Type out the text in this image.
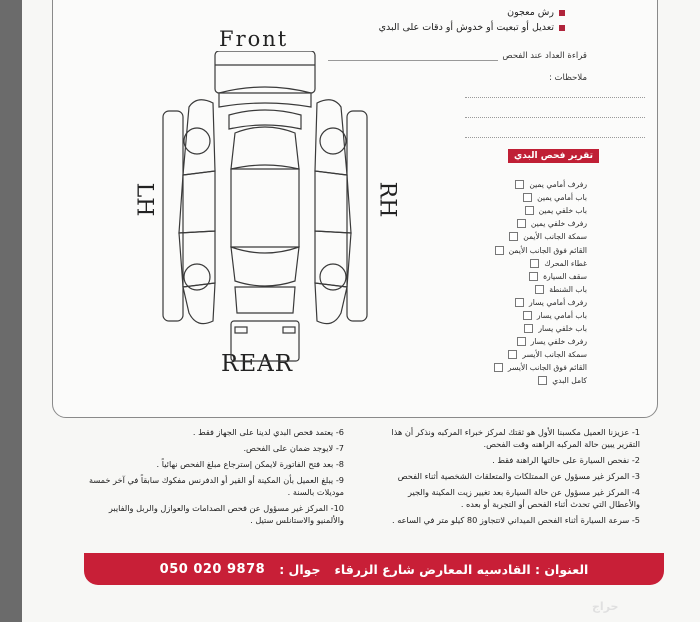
رش معجون
تعديل أو تبعيت أو خدوش أو دقات على البدي
قراءة العداد عند الفحص
ملاحظات :
تقرير فحص البدي
رفرف أمامي يمين
باب أمامي يمين
باب خلفي يمين
رفرف خلفي يمين
سمكة الجانب الأيمن
القائم فوق الجانب الأيمن
غطاء المحرك
سقف السيارة
باب الشنطة
رفرف أمامي يسار
باب أمامي يسار
باب خلفي يسار
رفرف خلفي يسار
سمكة الجانب الأيسر
القائم فوق الجانب الأيسر
كامل البدي
Front
REAR
LH	RH

1- عزيزنا العميل مكسبنا الأول هو ثقتك لمركز خبراء المركبه ونذكر أن هذا التقرير يبين حالة المركبه الراهنه وقت الفحص.

2- نفحص السيارة على حالتها الراهنة فقط .

3- المركز غير مسؤول عن الممتلكات والمتعلقات الشخصية أثناء الفحص

4- المركز غير مسؤول عن حالة السيارة بعد تغيير زيت المكينة والجير والأعطال التي تحدث أثناء الفحص أو التجربة أو بعده .

5- سرعة السيارة أثناء الفحص الميداني لاتتجاوز 80 كيلو متر في الساعه .

6- يعتمد فحص البدي لدينا على الجهاز فقط .

7- لايوجد ضمان على الفحص.

8- بعد فتح الفاتورة لايمكن إسترجاع مبلغ الفحص نهائياً .

9- يبلغ العميل بأن المكينة أو القير أو الدفرنس مفكوك سابقاً في آخر خمسة موديلات بالسنة .

10- المركز غير مسؤول عن فحص الصدامات والعوازل والربل والفايبر والألمنيو والاستانلس ستيل .

050 020 9878 جوال : العنوان : القادسيه المعارض شارع الزرقاء
حراج
